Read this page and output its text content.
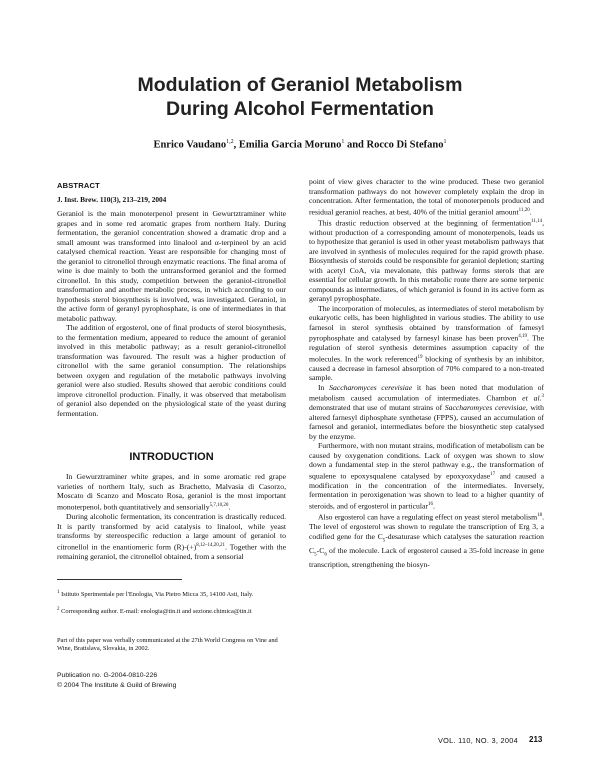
Modulation of Geraniol Metabolism
During Alcohol Fermentation
Enrico Vaudano$^{1,2}$, Emilia Garcia Moruno$^1$ and Rocco Di Stefano$^1$
ABSTRACT
J. Inst. Brew. 110(3), 213–219, 2004

Geraniol is the main monoterpenol present in Gewurtztraminer white grapes and in some red aromatic grapes from northern Italy. During fermentation, the geraniol concentration showed a dramatic drop and a small amount was transformed into linalool and α-terpineol by an acid catalysed chemical reaction. Yeast are responsible for changing most of the geraniol to citronellol through enzymatic reactions. The final aroma of wine is due mainly to both the untransformed geraniol and the formed citronellol. In this study, competition between the geraniol-citronellol transformation and another metabolic process, in which according to our hypothesis sterol biosynthesis is involved, was investigated. Geraniol, in the active form of geranyl pyrophosphate, is one of intermediates in that metabolic pathway.

The addition of ergosterol, one of final products of sterol biosynthesis, to the fermentation medium, appeared to reduce the amount of geraniol involved in this metabolic pathway; as a result geraniol-citronellol transformation was favoured. The result was a higher production of citronellol with the same geraniol consumption. The relationships between oxygen and regulation of the metabolic pathways involving geraniol were also studied. Results showed that aerobic conditions could improve citronellol production. Finally, it was observed that metabolism of geraniol also depended on the physiological state of the yeast during fermentation.

INTRODUCTION

In Gewurztraminer white grapes, and in some aromatic red grape varieties of northern Italy, such as Brachetto, Malvasia di Casorzo, Moscato di Scanzo and Moscato Rosa, geraniol is the most important monoterpenol, both quantitatively and sensorially$^{5,7,10,20}$.

During alcoholic fermentation, its concentration is drastically reduced. It is partly transformed by acid catalysis to linalool, while yeast transforms by stereospecific reduction a large amount of geraniol to citronellol in the enantiomeric form $(R)-(+)^{8,12-14,20,21}$. Together with the remaining geraniol, the citronellol obtained, from a sensorial

$^1$ Istituto Sperimentale per l'Enologia, Via Pietro Micca 35, 14100 Asti, Italy.
$^2$ Corresponding author. E-mail: enologia@tin.it and sezione.chimica@tin.it
Part of this paper was verbally communicated at the 27th World Congress on Vine and Wine, Bratislava, Slovakia, in 2002.
Publication no. G-2004-0810-226
© 2004 The Institute & Guild of Brewing

point of view gives character to the wine produced. These two geraniol transformation pathways do not however completely explain the drop in concentration. After fermentation, the total of monoterpenols produced and residual geraniol reaches, at best, 40% of the initial geraniol amount$^{11,20}$.

This drastic reduction observed at the beginning of fermentation$^{11,14}$, without production of a corresponding amount of monoterpenols, leads us to hypothesize that geraniol is used in other yeast metabolism pathways that are involved in synthesis of molecules required for the rapid growth phase. Biosynthesis of steroids could be responsible for geraniol depletion; starting with acetyl CoA, via mevalonate, this pathway forms sterols that are essential for cellular growth. In this metabolic route there are some terpenic compounds as intermediates, of which geraniol is found in its active form as geranyl pyrophosphate.

The incorporation of molecules, as intermediates of sterol metabolism by eukaryotic cells, has been highlighted in various studies. The ability to use farnesol in sterol synthesis obtained by transformation of farnesyl pyrophosphate and catalysed by farnesyl kinase has been proven$^{4,19}$. The regulation of sterol synthesis determines assumption capacity of the molecules. In the work referenced$^{19}$ blocking of synthesis by an inhibitor, caused a decrease in farnesol absorption of 70% compared to a non-treated sample.

In Saccharomyces cerevisiae it has been noted that modulation of metabolism caused accumulation of intermediates. Chambon et al.$^3$ demonstrated that use of mutant strains of Saccharomyces cerevisiae, with altered farnesyl diphosphate synthetase (FPPS), caused an accumulation of farnesol and geraniol, intermediates before the biosynthetic step catalysed by the enzyme.

Furthermore, with non mutant strains, modification of metabolism can be caused by oxygenation conditions. Lack of oxygen was shown to slow down a fundamental step in the sterol pathway e.g., the transformation of squalene to epoxysqualene catalysed by epoxyoxydase$^{17}$ and caused a modification in the concentration of the intermediates. Inversely, fermentation in peroxigenation was shown to lead to a higher quantity of steroids, and of ergosterol in particular$^{16}$.

Also ergosterol can have a regulating effect on yeast sterol metabolism$^{18}$. The level of ergosterol was shown to regulate the transcription of Erg 3, a codified gene for the $C_5$-desaturase which catalyses the saturation reaction $C_5-C_6$ of the molecule. Lack of ergosterol caused a 35-fold increase in gene transcription, strengthening the biosyn-

VOL. 110, NO. 3, 2004 213
